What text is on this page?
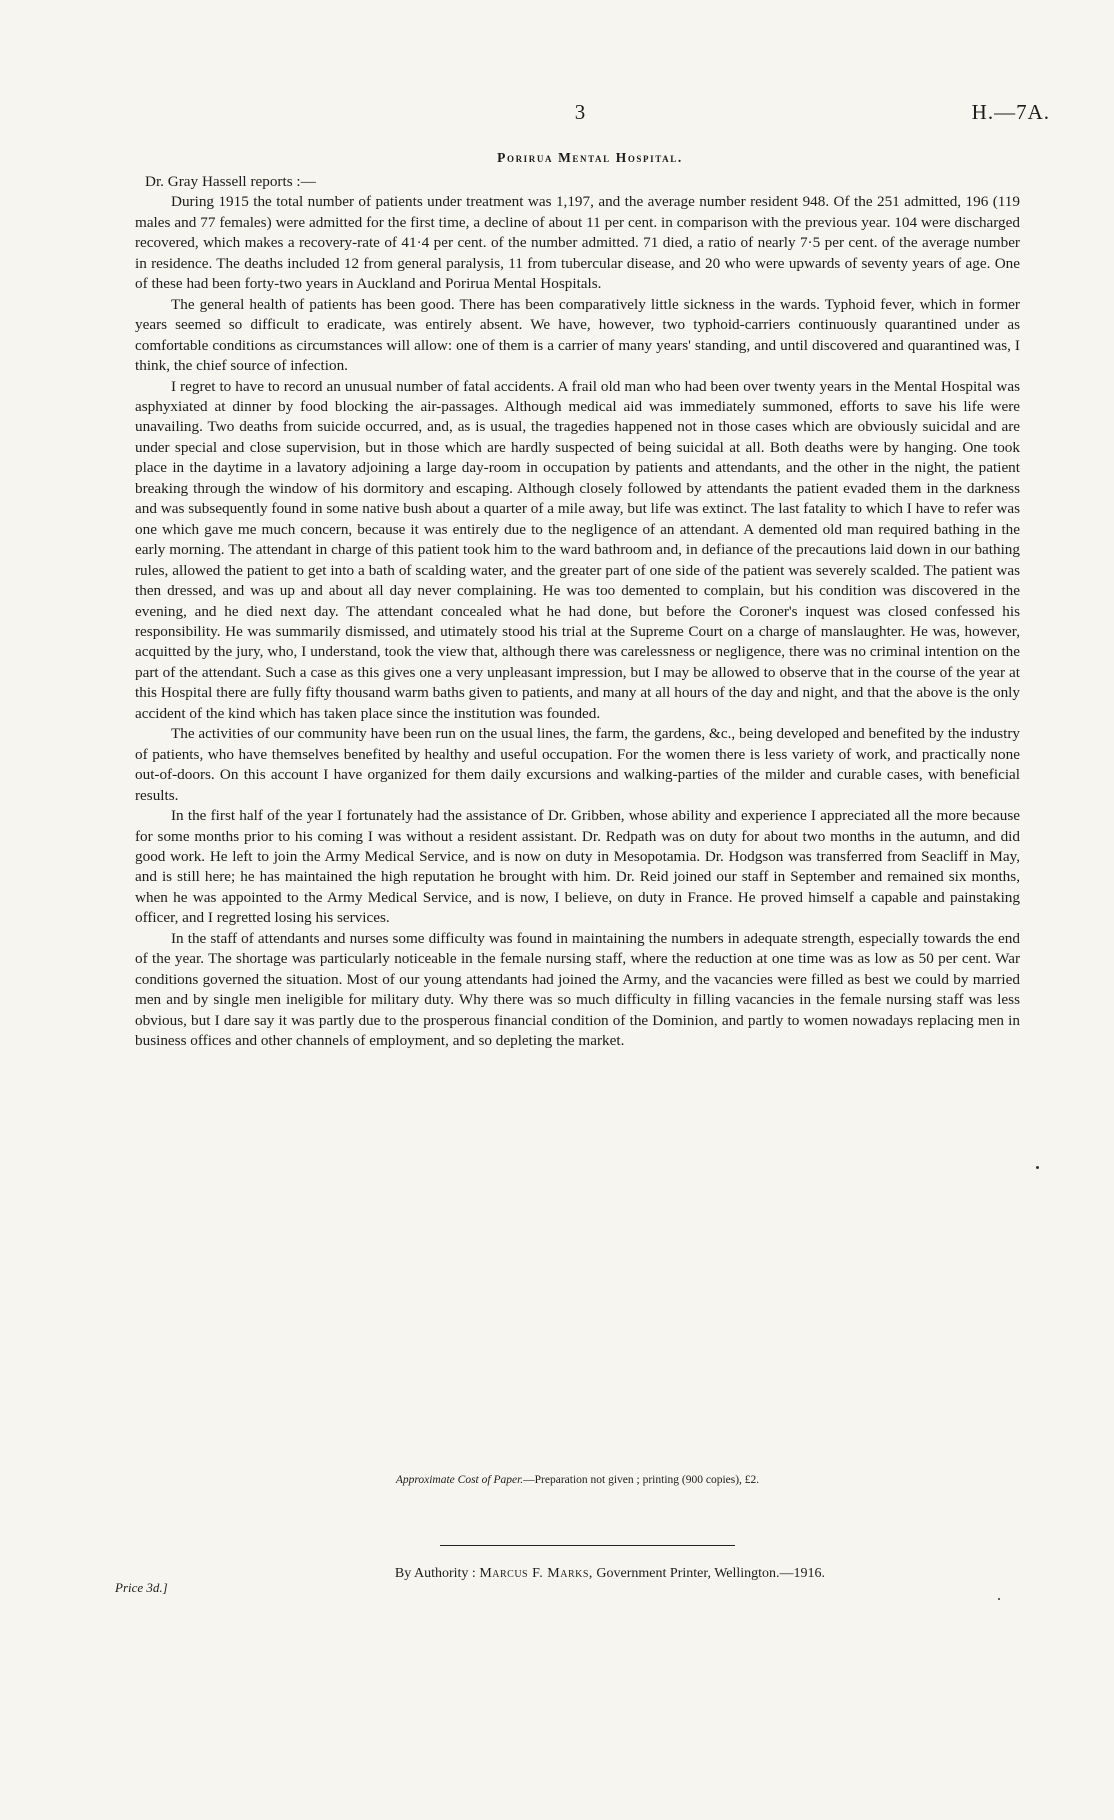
3	H.—7A.

Porirua Mental Hospital.

Dr. Gray Hassell reports :—

During 1915 the total number of patients under treatment was 1,197, and the average number resident 948. Of the 251 admitted, 196 (119 males and 77 females) were admitted for the first time, a decline of about 11 per cent. in comparison with the previous year. 104 were discharged recovered, which makes a recovery-rate of 41·4 per cent. of the number admitted. 71 died, a ratio of nearly 7·5 per cent. of the average number in residence. The deaths included 12 from general paralysis, 11 from tubercular disease, and 20 who were upwards of seventy years of age. One of these had been forty-two years in Auckland and Porirua Mental Hospitals.

The general health of patients has been good. There has been comparatively little sickness in the wards. Typhoid fever, which in former years seemed so difficult to eradicate, was entirely absent. We have, however, two typhoid-carriers continuously quarantined under as comfortable conditions as circumstances will allow: one of them is a carrier of many years' standing, and until discovered and quarantined was, I think, the chief source of infection.

I regret to have to record an unusual number of fatal accidents. A frail old man who had been over twenty years in the Mental Hospital was asphyxiated at dinner by food blocking the air-passages. Although medical aid was immediately summoned, efforts to save his life were unavailing. Two deaths from suicide occurred, and, as is usual, the tragedies happened not in those cases which are obviously suicidal and are under special and close supervision, but in those which are hardly suspected of being suicidal at all. Both deaths were by hanging. One took place in the daytime in a lavatory adjoining a large day-room in occupation by patients and attendants, and the other in the night, the patient breaking through the window of his dormitory and escaping. Although closely followed by attendants the patient evaded them in the darkness and was subsequently found in some native bush about a quarter of a mile away, but life was extinct. The last fatality to which I have to refer was one which gave me much concern, because it was entirely due to the negligence of an attendant. A demented old man required bathing in the early morning. The attendant in charge of this patient took him to the ward bathroom and, in defiance of the precautions laid down in our bathing rules, allowed the patient to get into a bath of scalding water, and the greater part of one side of the patient was severely scalded. The patient was then dressed, and was up and about all day never complaining. He was too demented to complain, but his condition was discovered in the evening, and he died next day. The attendant concealed what he had done, but before the Coroner's inquest was closed confessed his responsibility. He was summarily dismissed, and utimately stood his trial at the Supreme Court on a charge of manslaughter. He was, however, acquitted by the jury, who, I understand, took the view that, although there was carelessness or negligence, there was no criminal intention on the part of the attendant. Such a case as this gives one a very unpleasant impression, but I may be allowed to observe that in the course of the year at this Hospital there are fully fifty thousand warm baths given to patients, and many at all hours of the day and night, and that the above is the only accident of the kind which has taken place since the institution was founded.

The activities of our community have been run on the usual lines, the farm, the gardens, &c., being developed and benefited by the industry of patients, who have themselves benefited by healthy and useful occupation. For the women there is less variety of work, and practically none out-of-doors. On this account I have organized for them daily excursions and walking-parties of the milder and curable cases, with beneficial results.

In the first half of the year I fortunately had the assistance of Dr. Gribben, whose ability and experience I appreciated all the more because for some months prior to his coming I was without a resident assistant. Dr. Redpath was on duty for about two months in the autumn, and did good work. He left to join the Army Medical Service, and is now on duty in Mesopotamia. Dr. Hodgson was transferred from Seacliff in May, and is still here; he has maintained the high reputation he brought with him. Dr. Reid joined our staff in September and remained six months, when he was appointed to the Army Medical Service, and is now, I believe, on duty in France. He proved himself a capable and painstaking officer, and I regretted losing his services.

In the staff of attendants and nurses some difficulty was found in maintaining the numbers in adequate strength, especially towards the end of the year. The shortage was particularly noticeable in the female nursing staff, where the reduction at one time was as low as 50 per cent. War conditions governed the situation. Most of our young attendants had joined the Army, and the vacancies were filled as best we could by married men and by single men ineligible for military duty. Why there was so much difficulty in filling vacancies in the female nursing staff was less obvious, but I dare say it was partly due to the prosperous financial condition of the Dominion, and partly to women nowadays replacing men in business offices and other channels of employment, and so depleting the market.

Approximate Cost of Paper.—Preparation not given ; printing (900 copies), £2.

Price 3d.]

By Authority : Marcus F. Marks, Government Printer, Wellington.—1916.
